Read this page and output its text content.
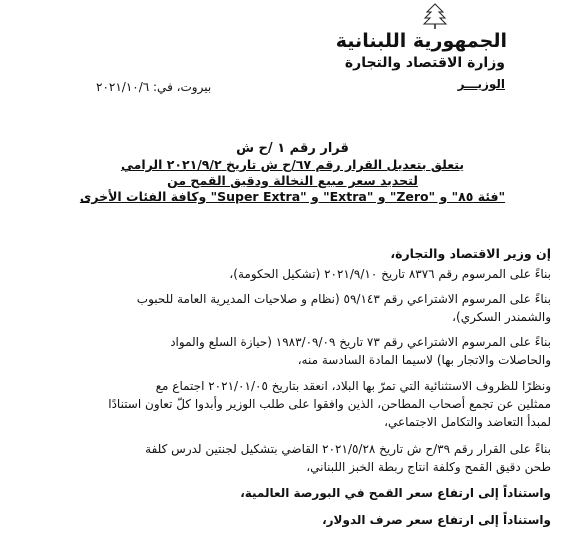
الجمهورية اللبنانية
وزارة الاقتصاد والتجارة
الوزيـــر
بيروت، في: ٢٠٢١/١٠/٦
قرار رقم ١ /ح ش
يتعلق بتعديل القرار رقم ٦٧/ح ش تاريخ ٢٠٢١/٩/٢ الرامي
لتحديد سعر مبيع النخالة ودقيق القمح من
"فئة ٨٥" و "Zero" و "Extra" و "Super Extra" وكافة الفئات الأخرى
إن وزير الاقتصاد والتجارة،
بناءً على المرسوم رقم ٨٣٧٦ تاريخ ٢٠٢١/٩/١٠ (تشكيل الحكومة)،
بناءً على المرسوم الاشتراعي رقم ٥٩/١٤٣ (نظام و صلاحيات المديرية العامة للحبوب
والشمندر السكري)،
بناءً على المرسوم الاشتراعي رقم ٧٣ تاريخ ١٩٨٣/٠٩/٠٩ (حيازة السلع والمواد
والحاصلات والاتجار بها) لاسيما المادة السادسة منه،
ونظرًا للظروف الاستثنائية التي تمرّ بها البلاد، انعقد بتاريخ ٢٠٢١/٠١/٠٥ اجتماع مع
ممثلين عن تجمع أصحاب المطاحن، الذين وافقوا على طلب الوزير وأبدوا كلّ تعاون استنادًا
لمبدأ التعاضد والتكامل الاجتماعي،
بناءً على القرار رقم ٣٩/ح ش تاريخ ٢٠٢١/٥/٢٨ القاضي بتشكيل لجنتين لدرس كلفة
طحن دقيق القمح وكلفة انتاج ربطة الخبز اللبناني،
واستناداً إلى ارتفاع سعر القمح في البورصة العالمية،
واستناداً إلى ارتفاع سعر صرف الدولار،
